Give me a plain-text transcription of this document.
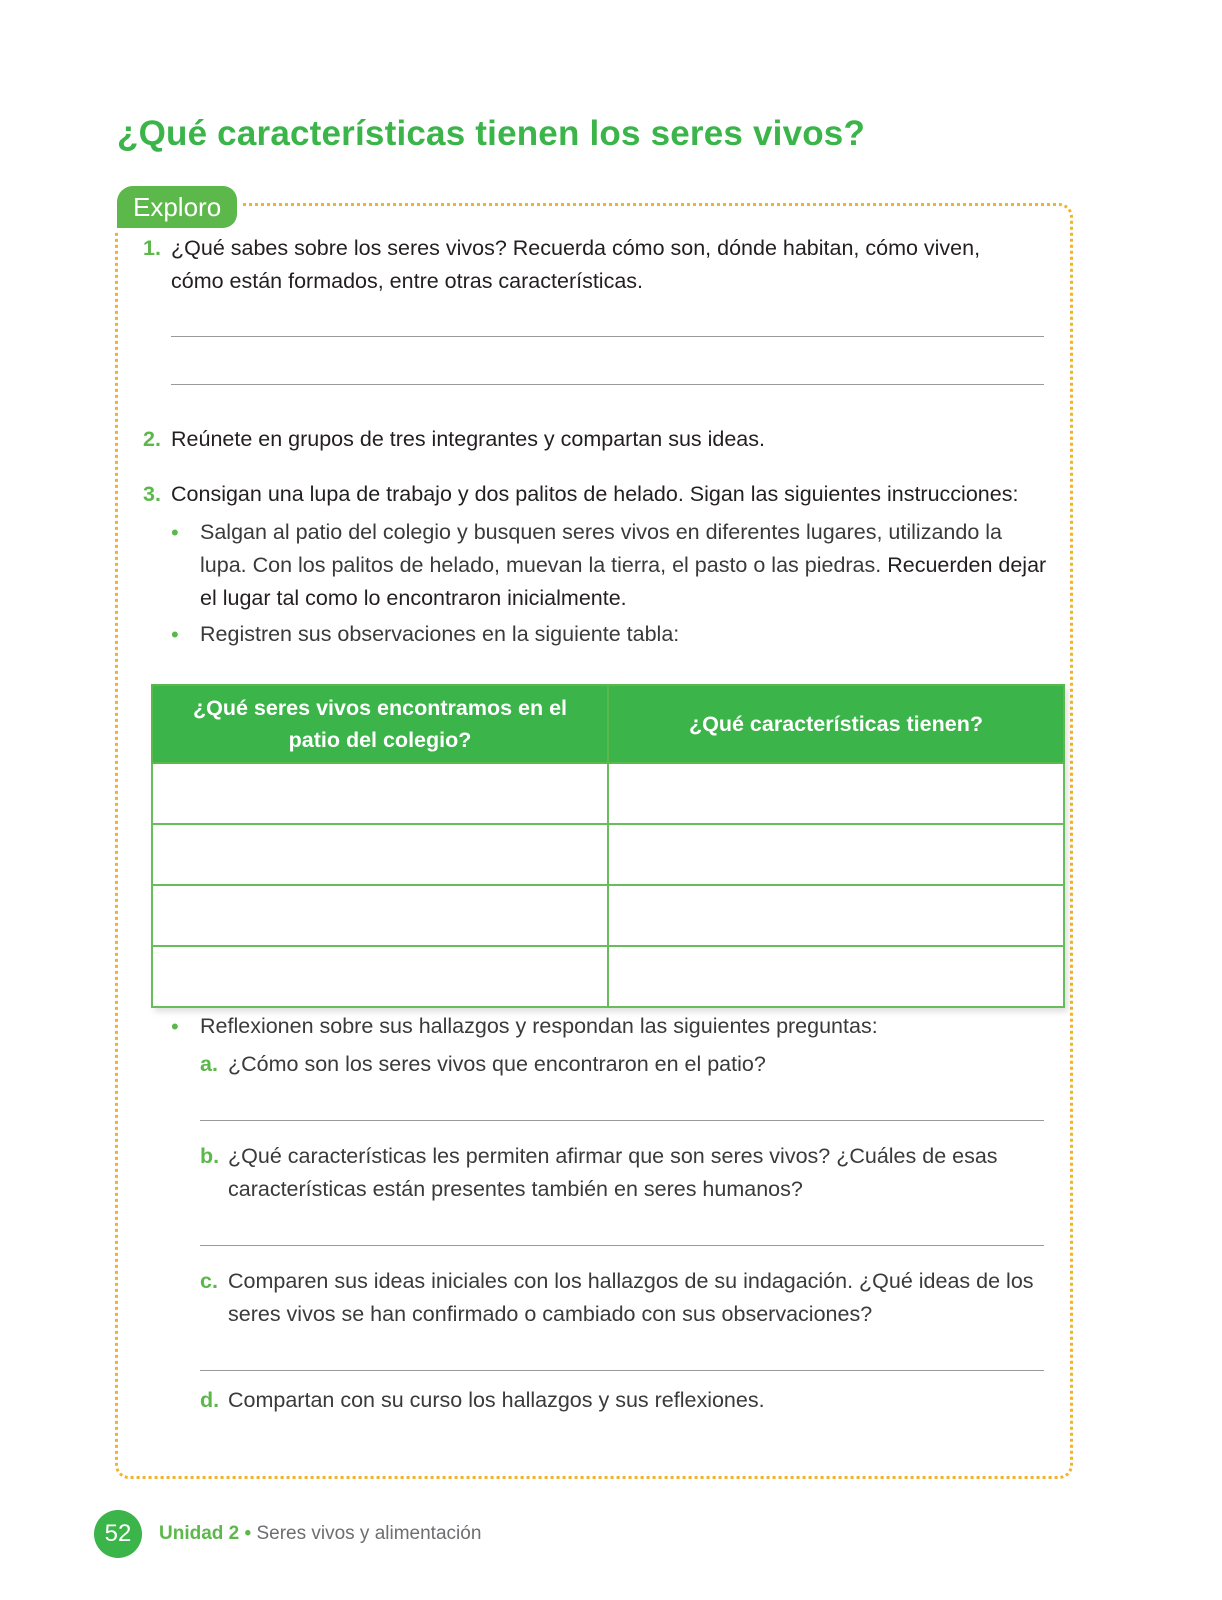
¿Qué características tienen los seres vivos?
Exploro
1. ¿Qué sabes sobre los seres vivos? Recuerda cómo son, dónde habitan, cómo viven,
cómo están formados, entre otras características.
2. Reúnete en grupos de tres integrantes y compartan sus ideas.
3. Consigan una lupa de trabajo y dos palitos de helado. Sigan las siguientes instrucciones:
• Salgan al patio del colegio y busquen seres vivos en diferentes lugares, utilizando la
lupa. Con los palitos de helado, muevan la tierra, el pasto o las piedras. Recuerden dejar
el lugar tal como lo encontraron inicialmente.
• Registren sus observaciones en la siguiente tabla:
¿Qué seres vivos encontramos en el patio del colegio?	¿Qué características tienen?

• Reflexionen sobre sus hallazgos y respondan las siguientes preguntas:
a. ¿Cómo son los seres vivos que encontraron en el patio?
b. ¿Qué características les permiten afirmar que son seres vivos? ¿Cuáles de esas
características están presentes también en seres humanos?
c. Comparen sus ideas iniciales con los hallazgos de su indagación. ¿Qué ideas de los
seres vivos se han confirmado o cambiado con sus observaciones?
d. Compartan con su curso los hallazgos y sus reflexiones.
52	Unidad 2 • Seres vivos y alimentación
